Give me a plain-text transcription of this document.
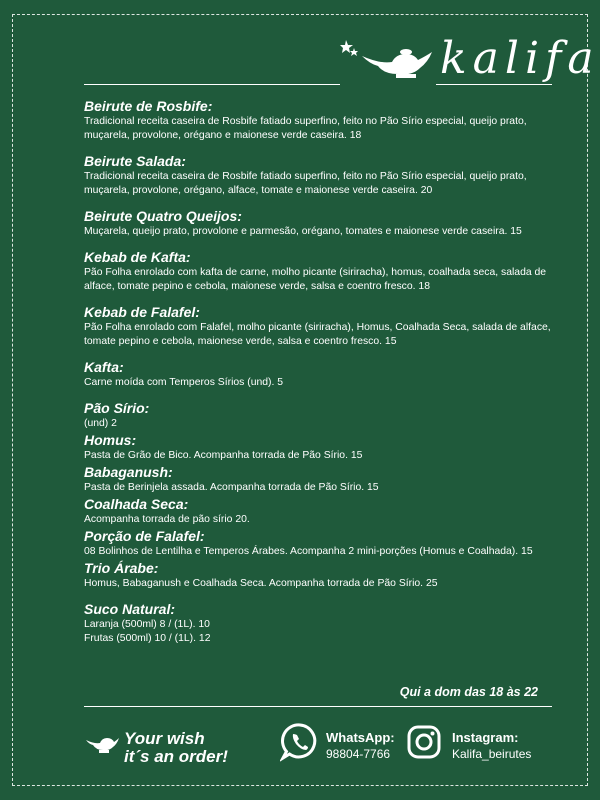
kalifa
Beirute de Rosbife:

Tradicional receita caseira de Rosbife fatiado superfino, feito no Pão Sírio especial, queijo prato, muçarela, provolone, orégano e maionese verde caseira. 18

Beirute Salada:

Tradicional receita caseira de Rosbife fatiado superfino, feito no Pão Sírio especial, queijo prato, muçarela, provolone, orégano, alface, tomate e maionese verde caseira. 20

Beirute Quatro Queijos:

Muçarela, queijo prato, provolone e parmesão, orégano, tomates e maionese verde caseira. 15

Kebab de Kafta:

Pão Folha enrolado com kafta de carne, molho picante (siriracha), homus, coalhada seca, salada de alface, tomate pepino e cebola, maionese verde, salsa e coentro fresco. 18

Kebab de Falafel:

Pão Folha enrolado com Falafel, molho picante (siriracha), Homus, Coalhada Seca, salada de alface, tomate pepino e cebola, maionese verde, salsa e coentro fresco. 15

Kafta:

Carne moída com Temperos Sírios (und). 5

Pão Sírio:

(und) 2

Homus:

Pasta de Grão de Bico. Acompanha torrada de Pão Sírio. 15

Babaganush:

Pasta de Berinjela assada. Acompanha torrada de Pão Sírio. 15

Coalhada Seca:

Acompanha torrada de pão sírio 20.

Porção de Falafel:

08 Bolinhos de Lentilha e Temperos Árabes. Acompanha 2 mini-porções (Homus e Coalhada). 15

Trio Árabe:

Homus, Babaganush e Coalhada Seca. Acompanha torrada de Pão Sírio. 25

Suco Natural:

Laranja (500ml) 8 / (1L). 10

Frutas (500ml) 10 / (1L). 12

Qui a dom das 18 às 22
Your wish
it´s an order!
WhatsApp:
98804-7766
Instagram:
Kalifa_beirutes
